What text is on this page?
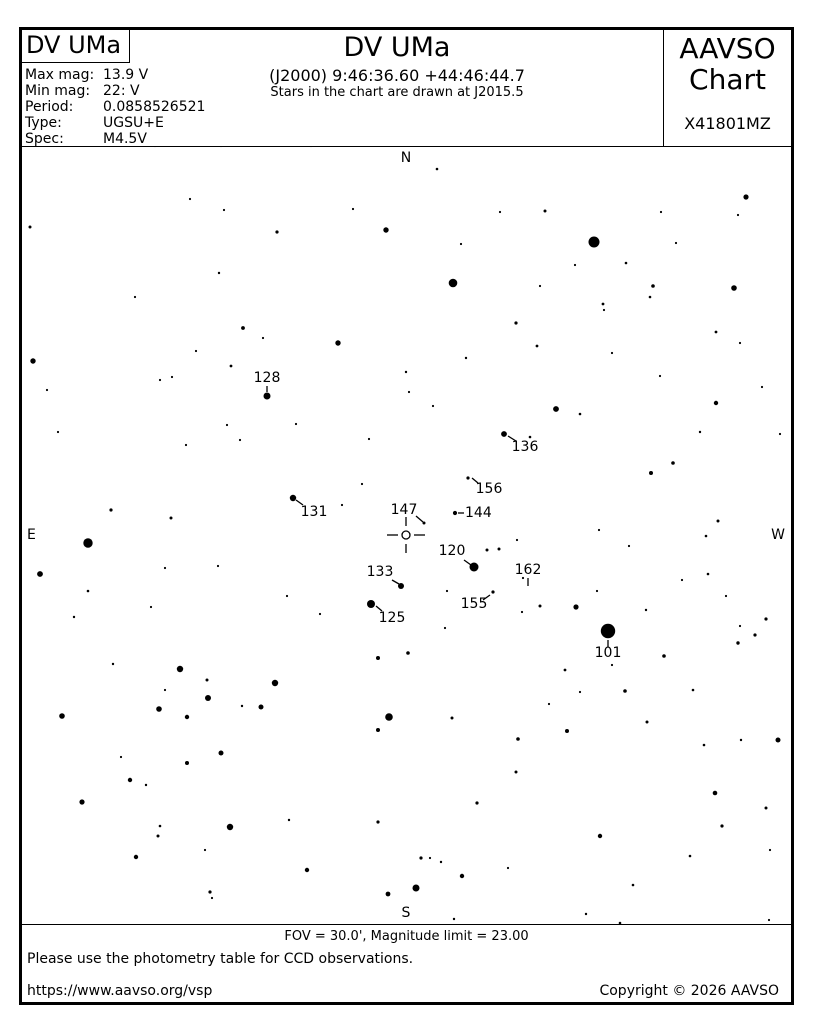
DV UMa
Max mag: 13.9 V
Min mag: 22: V
Period:	0.0858526521
Type:	UGSU+E
Spec:	M4.5V
DV UMa
(J2000) 9:46:36.60 +44:46:44.7
Stars in the chart are drawn at J2015.5
AAVSO
Chart
X41801MZ
N
S
E	W
128
136
156
131	147	144
120
133	162
125
155
101
FOV = 30.0', Magnitude limit = 23.00
Please use the photometry table for CCD observations.
https://www.aavso.org/vsp	Copyright © 2026 AAVSO
